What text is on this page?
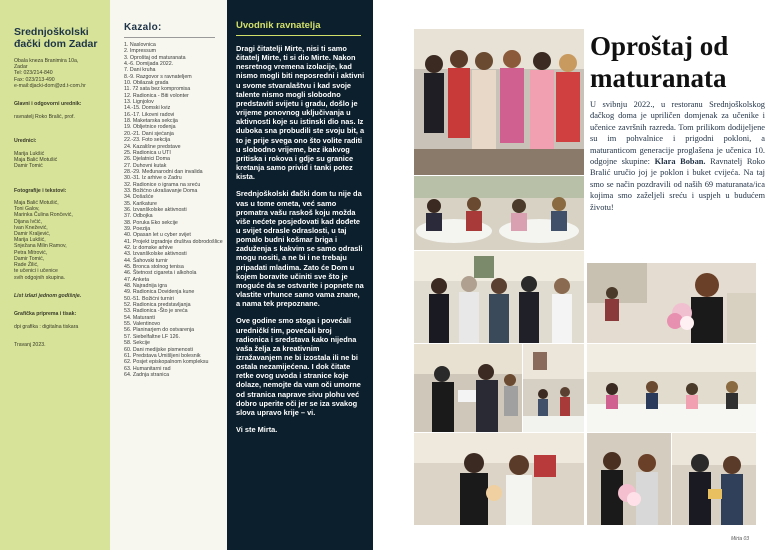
Srednjoškolski đački dom Zadar
Obala kneza Branimira 10a,
Zadar
Tel: 023/214-840
Fax: 023/213-490
e-mail:djacki-dom@zd.t-com.hr

Glavni i odgovorni urednik:

ravnatelj Roko Bralić, prof.

Urednici:

Marija Lukšić
Maja Balić Motušić
Damir Tomić

Fotografije i tekstovi:

Maja Balić Motušić,
Toni Galov,
Marinka Čulina Rončević,
Dijana Ivčić,
Ivan Knežević,
Damir Kraljević,
Marija Lukšić,
Snježana Milin Ramov,
Petra Mitrović,
Damir Tomić,
Rade Žilić,
te učenici i učenice
svih odgojnih skupina.

List izlazi jednom godišnje.

Grafička priprema i tisak:

dpi grafika : digitalna tiskara

Travanj 2023.
Kazalo:
1. Naslovnica
2. Impressum
3. Oproštaj od maturanata
4.-6. Domijada 2022.
7. Dani kruha
8.-9. Razgovor s ravnateljem
10. Obilazak grada
11. 72 sata bez kompromisa
12. Radionica - Biti volonter
13. Lignjolov
14.-15. Domski kviz
16.-17. Likovni radovi
18. Maketarska sekcija
19. Obljetnice rođenja
20.-21. Dani sjećanja
22.-23. Foto sekcija
24. Kazališne predstave
25. Radionica u UTI
26. Djelatnici Doma
27. Duhovni kutak
28.-29. Međunarodni dan invalida
30.-31. Iz arhive o Zadru
32. Radionice o igrama na sreću
33. Božićno ukrašavanje Doma
34. Došašće
35. Karikature
36. Izvanškolske aktivnosti
37. Odbojka
38. Poruka Eko sekcije
39. Poezija
40. Opasan let u cyber svijet
41. Projekt izgradnje društva dobrodošlice
42. Iz domske arhive
43. Izvanškolske aktivnosti
44. Šahovski turnir
45. Bronca stolnog tenisa
46. Štetnost cigareta i alkohola
47. Anketa
48. Najradnija igra
49. Radionica Dovidenja kune
50.-51. Božićni turniri
52. Radionica predstavljanja
53. Radionica -Što je sreća
54. Maturanti
55. Valentinovo
56. Planinarjem do ostvarenja
57. Siebelfaltne LF 126.
58. Sekcije
60. Dani medijske pismenosti
61. Predstava Umišljeni bolesnik
62. Posjet episkopalnom kompleksu
63. Humanitarni rad
64. Zadnja stranica
Uvodnik ravnatelja

Dragi čitatelji Mirte, nisi ti samo čitatelj Mirte, ti si dio Mirte. Nakon nesretnog vremena izolacije, kad nismo mogli biti neposredni i aktivni u svome stvaralaštvu i kad svoje talente nismo mogli slobodno predstaviti svijetu i gradu, došlo je vrijeme ponovnog uključivanja u aktivnosti koje su istinski dio nas. Iz duboka sna probudili ste svoju bit, a to je prije svega ono što volite raditi u slobodno vrijeme, bez ikakvog pritiska i rokova i gdje su granice kretanja samo privid i tanki potez kista.

Srednjoškolski đački dom tu nije da vas u tome ometa, već samo promatra vašu raskoš koju možda više nećete posjedovati kad dođete u svijet odrasle odraslosti, u taj pomalo budni košmar briga i zaduženja s kakvim se samo odrasli mogu nositi, a ne bi i ne trebaju pripadati mladima. Zato će Dom u kojem boravite učiniti sve što je moguće da se ostvarite i popnete na vlastite vrhunce samo vama znane, a nama tek prepoznane.

Ove godine smo stoga i povećali uredničkí tim, povećali broj radionica i sredstava kako nijedna vaša želja za kreativnim izražavanjem ne bi izostala ili ne bi ostala nezamijećena. I dok čitate retke ovog uvoda i stranice koje dolaze, nemojte da vam oči umorne od stranica naprave sivu plohu već dobro uperite oči jer se iza svakog slova upravo krije – vi.

Vi ste Mirta.

Oproštaj od maturanata

U svibnju 2022., u restoranu Srednjoškolskog đačkog doma je upriličen domjenak za učenike i učenice završnih razreda. Tom prilikom dodijeljene su im pohvalnice i prigodni pokloni, a maturanticom generacije proglašena je učenica 10. odgojne skupine: Klara Boban. Ravnatelj Roko Bralić uručio joj je poklon i buket cvijeća. Na taj smo se način pozdravili od naših 69 maturanata/ica kojima smo zaželjeli sreću i uspjeh u budućem životu!

Mirta 03
